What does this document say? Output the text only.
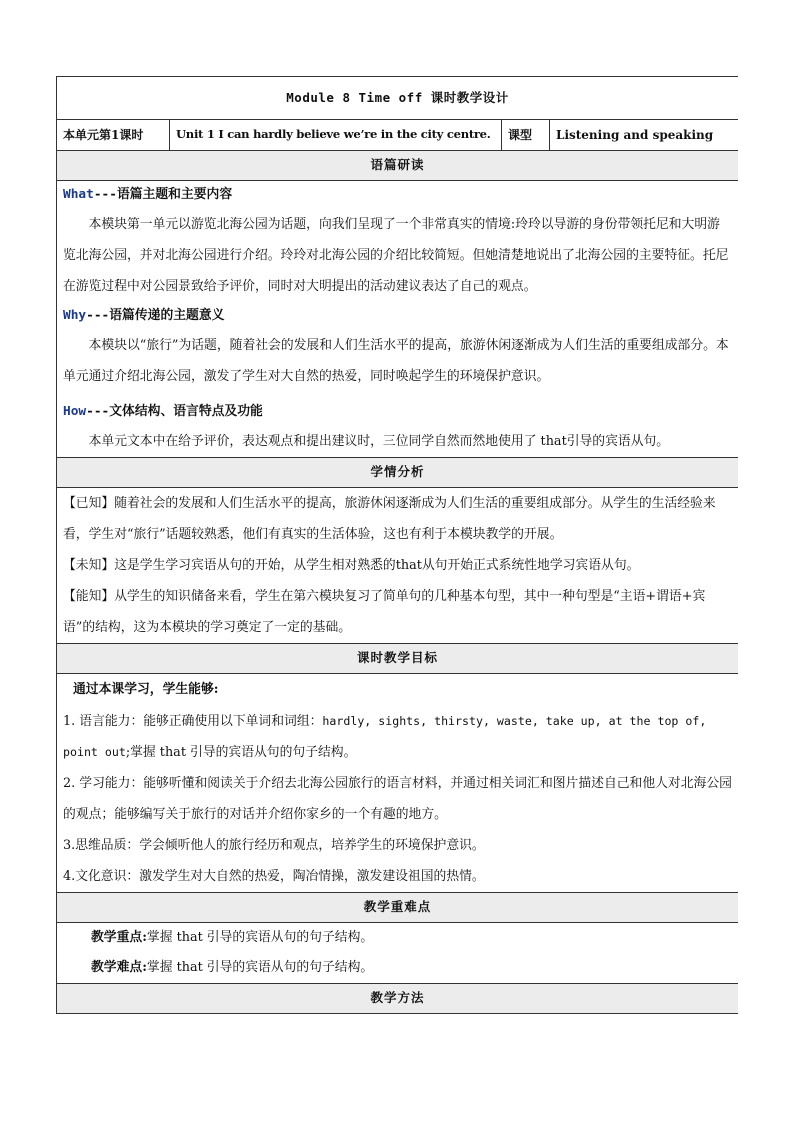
Module 8 Time off 课时教学设计
本单元第1课时	Unit 1 I can hardly believe we’re in the city centre.	课型	Listening and speaking
语篇研读

What---语篇主题和主要内容

本模块第一单元以游览北海公园为话题，向我们呈现了一个非常真实的情境:玲玲以导游的身份带领托尼和大明游览北海公园，并对北海公园进行介绍。玲玲对北海公园的介绍比较简短。但她清楚地说出了北海公园的主要特征。托尼在游览过程中对公园景致给予评价，同时对大明提出的活动建议表达了自己的观点。

Why---语篇传递的主题意义

本模块以“旅行”为话题，随着社会的发展和人们生活水平的提高，旅游休闲逐渐成为人们生活的重要组成部分。本单元通过介绍北海公园，激发了学生对大自然的热爱，同时唤起学生的环境保护意识。

How---文体结构、语言特点及功能

本单元文本中在给予评价，表达观点和提出建议时，三位同学自然而然地使用了 that引导的宾语从句。

学情分析

【已知】随着社会的发展和人们生活水平的提高，旅游休闲逐渐成为人们生活的重要组成部分。从学生的生活经验来看，学生对“旅行”话题较熟悉，他们有真实的生活体验，这也有利于本模块教学的开展。

【未知】这是学生学习宾语从句的开始，从学生相对熟悉的that从句开始正式系统性地学习宾语从句。

【能知】从学生的知识储备来看，学生在第六模块复习了简单句的几种基本句型，其中一种句型是“主语+谓语+宾语”的结构，这为本模块的学习奠定了一定的基础。

课时教学目标

通过本课学习，学生能够:

1. 语言能力：能够正确使用以下单词和词组：hardly, sights, thirsty, waste, take up, at the top of, point out;掌握 that 引导的宾语从句的句子结构。

2. 学习能力：能够听懂和阅读关于介绍去北海公园旅行的语言材料，并通过相关词汇和图片描述自己和他人对北海公园的观点；能够编写关于旅行的对话并介绍你家乡的一个有趣的地方。

3.思维品质：学会倾听他人的旅行经历和观点，培养学生的环境保护意识。

4.文化意识：激发学生对大自然的热爱，陶冶情操，激发建设祖国的热情。

教学重难点

教学重点:掌握 that 引导的宾语从句的句子结构。

教学难点:掌握 that 引导的宾语从句的句子结构。

教学方法
